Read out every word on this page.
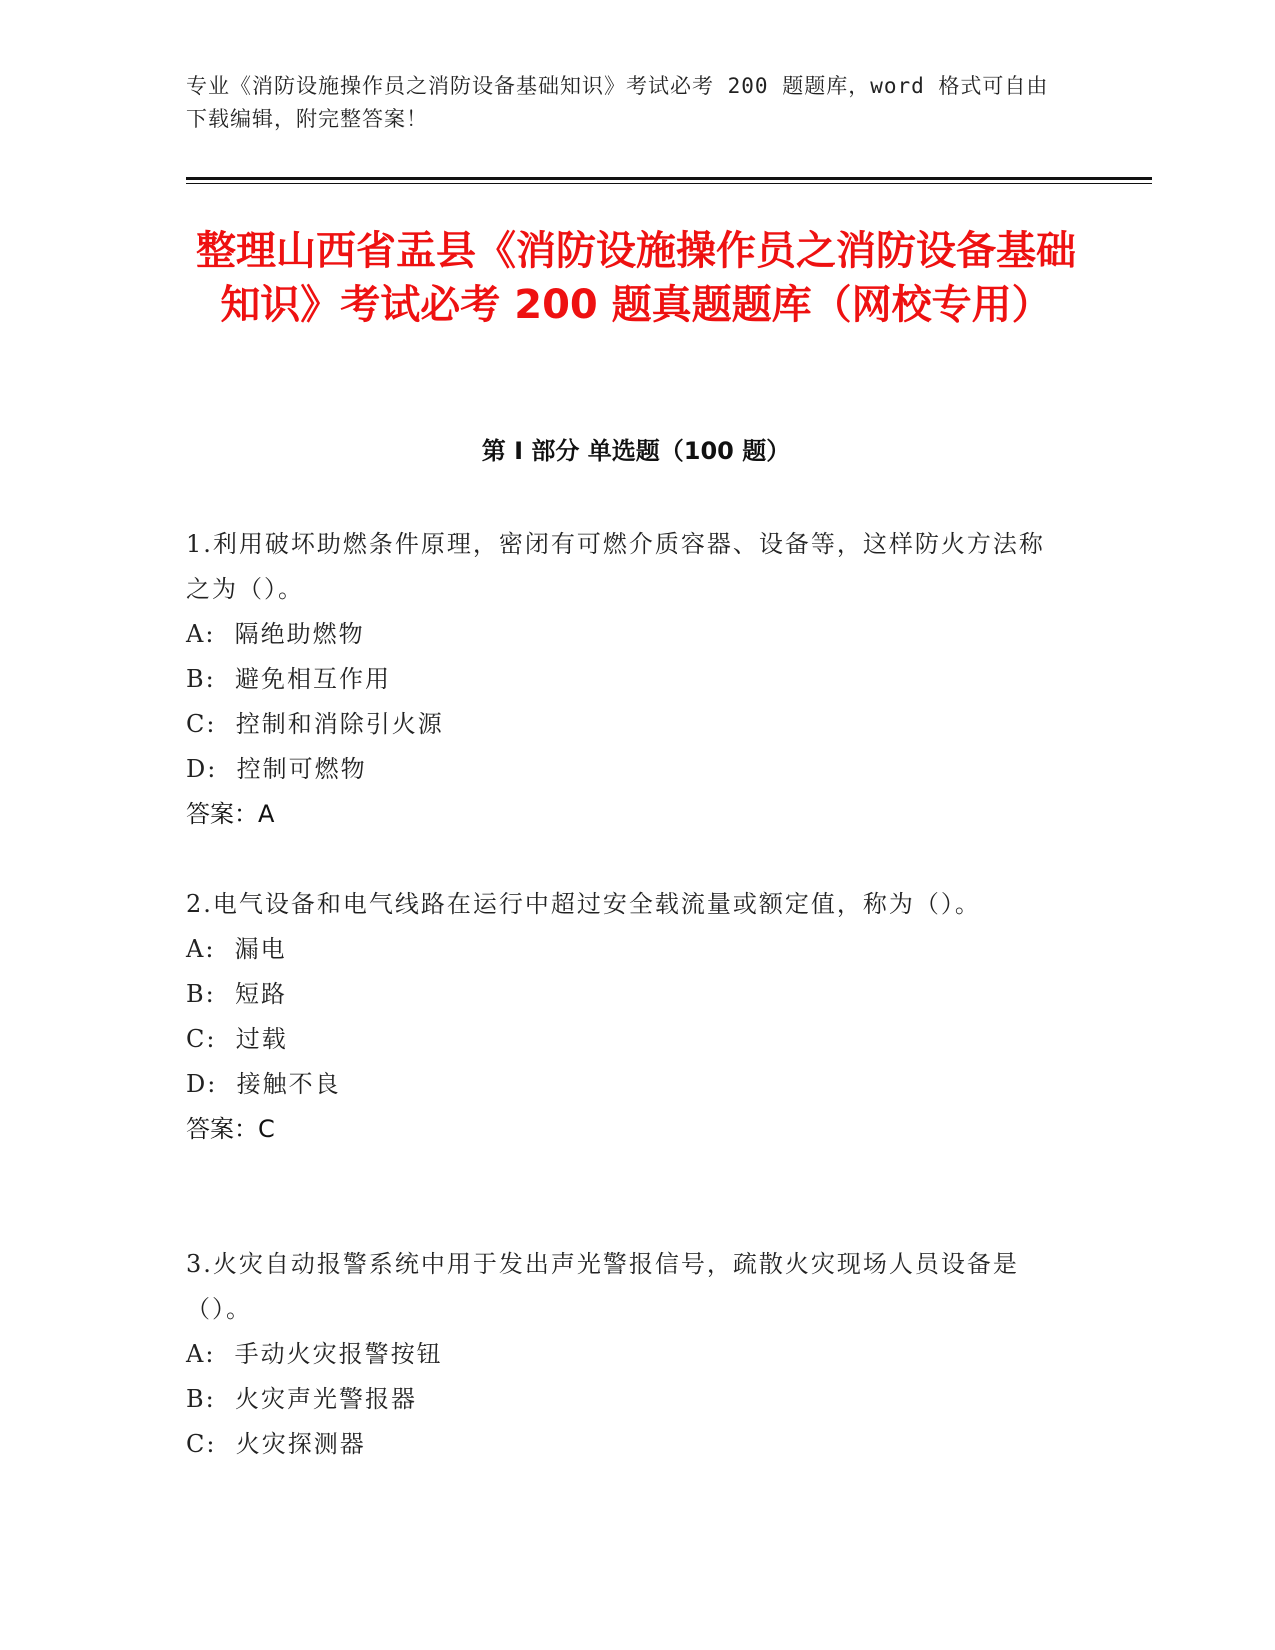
专业《消防设施操作员之消防设备基础知识》考试必考 200 题题库，word 格式可自由下载编辑，附完整答案！
整理山西省盂县《消防设施操作员之消防设备基础知识》考试必考 200 题真题题库（网校专用）
第 I 部分 单选题（100 题）

1.利用破坏助燃条件原理，密闭有可燃介质容器、设备等，这样防火方法称之为（）。

A:  隔绝助燃物

B:  避免相互作用

C:  控制和消除引火源

D:  控制可燃物

答案：A

2.电气设备和电气线路在运行中超过安全载流量或额定值，称为（）。

A:  漏电

B:  短路

C:  过载

D:  接触不良

答案：C

3.火灾自动报警系统中用于发出声光警报信号，疏散火灾现场人员设备是（）。

A:  手动火灾报警按钮

B:  火灾声光警报器

C:  火灾探测器
